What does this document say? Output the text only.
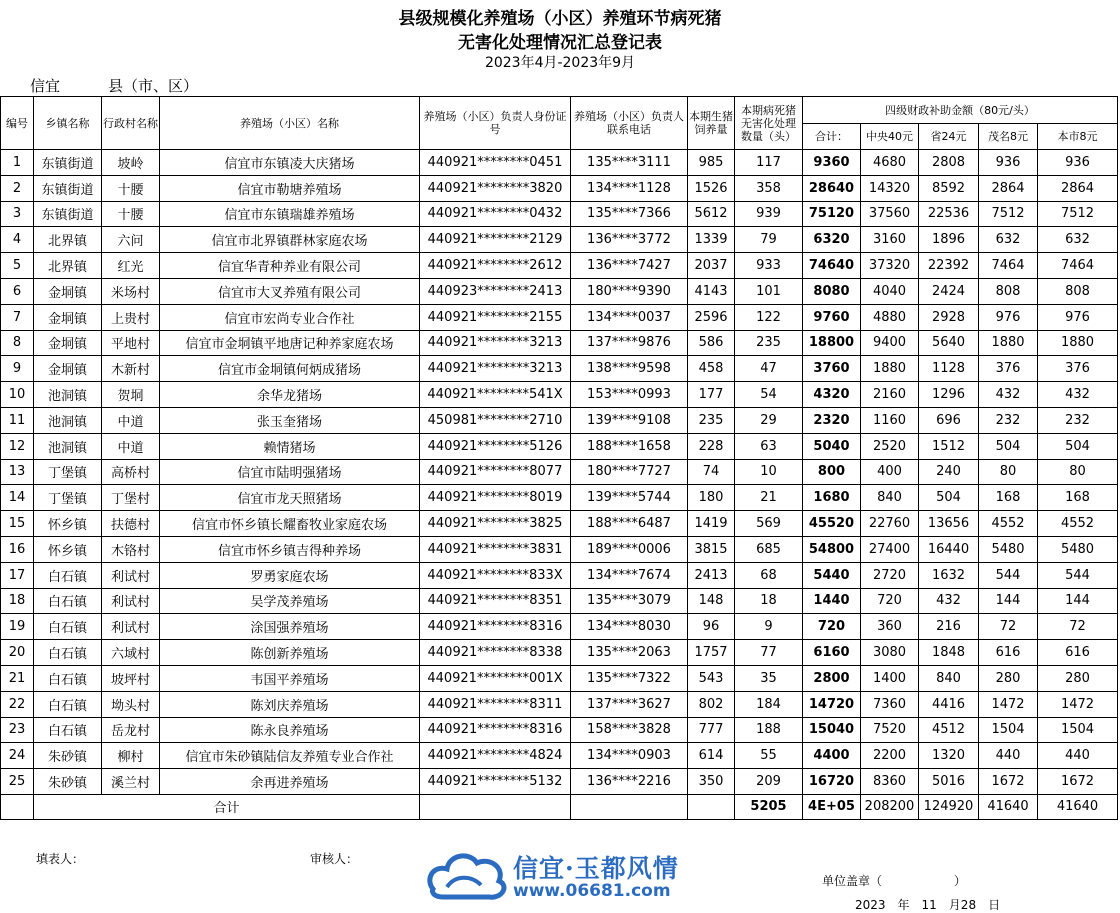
县级规模化养殖场（小区）养殖环节病死猪
无害化处理情况汇总登记表
2023年4月-2023年9月
信宜	县（市、区）
编号	乡镇名称	行政村名称	养殖场（小区）名称	养殖场（小区）负责人身份证号	养殖场（小区）负责人联系电话	本期生猪饲养量	本期病死猪无害化处理数量（头）	四级财政补助金额（80元/头）				
								合计：	中央40元	省24元	茂名8元	本市8元
1	东镇街道	坡岭	信宜市东镇凌大庆猪场	440921********0451	135****3111	985	117	9360	4680	2808	936	936
2	东镇街道	十腰	信宜市勒塘养殖场	440921********3820	134****1128	1526	358	28640	14320	8592	2864	2864
3	东镇街道	十腰	信宜市东镇瑞雄养殖场	440921********0432	135****7366	5612	939	75120	37560	22536	7512	7512
4	北界镇	六问	信宜市北界镇群林家庭农场	440921********2129	136****3772	1339	79	6320	3160	1896	632	632
5	北界镇	红光	信宜华青种养业有限公司	440921********2612	136****7427	2037	933	74640	37320	22392	7464	7464
6	金垌镇	米场村	信宜市大叉养殖有限公司	440923********2413	180****9390	4143	101	8080	4040	2424	808	808
7	金垌镇	上贵村	信宜市宏尚专业合作社	440921********2155	134****0037	2596	122	9760	4880	2928	976	976
8	金垌镇	平地村	信宜市金垌镇平地唐记种养家庭农场	440921********3213	137****9876	586	235	18800	9400	5640	1880	1880
9	金垌镇	木新村	信宜市金垌镇何炳成猪场	440921********3213	138****9598	458	47	3760	1880	1128	376	376
10	池洞镇	贺垌	余华龙猪场	440921********541X	153****0993	177	54	4320	2160	1296	432	432
11	池洞镇	中道	张玉奎猪场	450981********2710	139****9108	235	29	2320	1160	696	232	232
12	池洞镇	中道	赖情猪场	440921********5126	188****1658	228	63	5040	2520	1512	504	504
13	丁堡镇	高桥村	信宜市陆明强猪场	440921********8077	180****7727	74	10	800	400	240	80	80
14	丁堡镇	丁堡村	信宜市龙天照猪场	440921********8019	139****5744	180	21	1680	840	504	168	168
15	怀乡镇	扶德村	信宜市怀乡镇长耀畜牧业家庭农场	440921********3825	188****6487	1419	569	45520	22760	13656	4552	4552
16	怀乡镇	木铬村	信宜市怀乡镇吉得种养场	440921********3831	189****0006	3815	685	54800	27400	16440	5480	5480
17	白石镇	利试村	罗勇家庭农场	440921********833X	134****7674	2413	68	5440	2720	1632	544	544
18	白石镇	利试村	吴学茂养殖场	440921********8351	135****3079	148	18	1440	720	432	144	144
19	白石镇	利试村	涂国强养殖场	440921********8316	134****8030	96	9	720	360	216	72	72
20	白石镇	六域村	陈创新养殖场	440921********8338	135****2063	1757	77	6160	3080	1848	616	616
21	白石镇	坡坪村	韦国平养殖场	440921********001X	135****7322	543	35	2800	1400	840	280	280
22	白石镇	坳头村	陈刘庆养殖场	440921********8311	137****3627	802	184	14720	7360	4416	1472	1472
23	白石镇	岳龙村	陈永良养殖场	440921********8316	158****3828	777	188	15040	7520	4512	1504	1504
24	朱砂镇	柳村	信宜市朱砂镇陆信友养殖专业合作社	440921********4824	134****0903	614	55	4400	2200	1320	440	440
25	朱砂镇	溪兰村	余再进养殖场	440921********5132	136****2216	350	209	16720	8360	5016	1672	1672
	合计						5205	4E+05	208200	124920	41640	41640
填表人：	审核人：
单位盖章（　　　　　　）
2023　年　11　月28　日
信宜·玉都风情
www.06681.com
